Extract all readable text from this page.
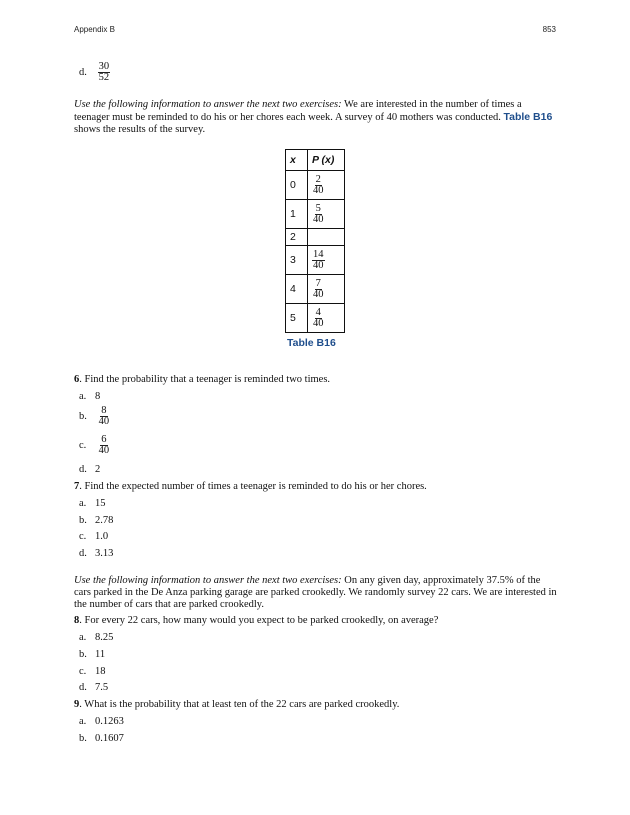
Appendix B	853
d. $\frac{30}{52}$
Use the following information to answer the next two exercises: We are interested in the number of times a teenager must be reminded to do his or her chores each week. A survey of 40 mothers was conducted. Table B16 shows the results of the survey.
x	P (x)
0	$\frac{2}{40}$

1	$\frac{5}{40}$

2	
3	$\frac{14}{40}$

4	$\frac{7}{40}$

5	$\frac{4}{40}$
Table B16
6. Find the probability that a teenager is reminded two times.
a. 8
b. $\frac{8}{40}$
c. $\frac{6}{40}$
d. 2
7. Find the expected number of times a teenager is reminded to do his or her chores.
a. 15
b. 2.78
c. 1.0
d. 3.13
Use the following information to answer the next two exercises: On any given day, approximately 37.5% of the cars parked in the De Anza parking garage are parked crookedly. We randomly survey 22 cars. We are interested in the number of cars that are parked crookedly.
8. For every 22 cars, how many would you expect to be parked crookedly, on average?
a. 8.25
b. 11
c. 18
d. 7.5
9. What is the probability that at least ten of the 22 cars are parked crookedly.
a. 0.1263
b. 0.1607
